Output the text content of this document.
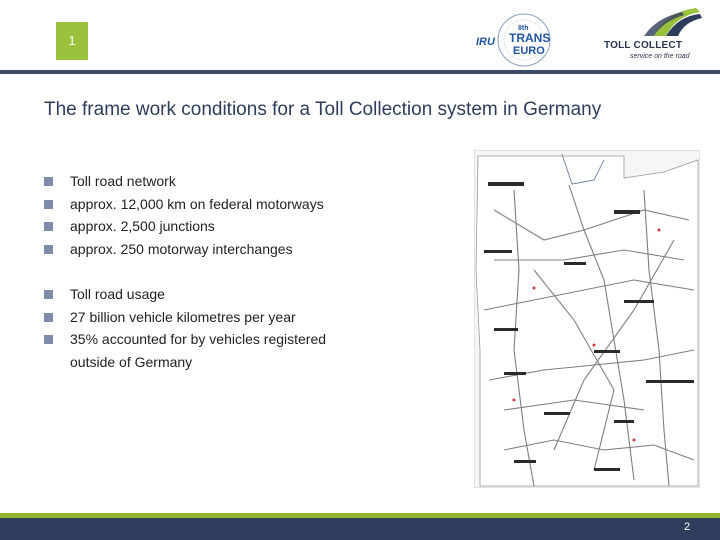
1
8th
TRANS
EURO
IRU	TOLL COLLECT
service on the road
The frame work conditions for a Toll Collection system in Germany
Toll road network
approx. 12,000 km on federal motorways
approx. 2,500 junctions
approx. 250 motorway interchanges
Toll road usage
27 billion vehicle kilometres per year
35% accounted for by vehicles registered outside of Germany
2
